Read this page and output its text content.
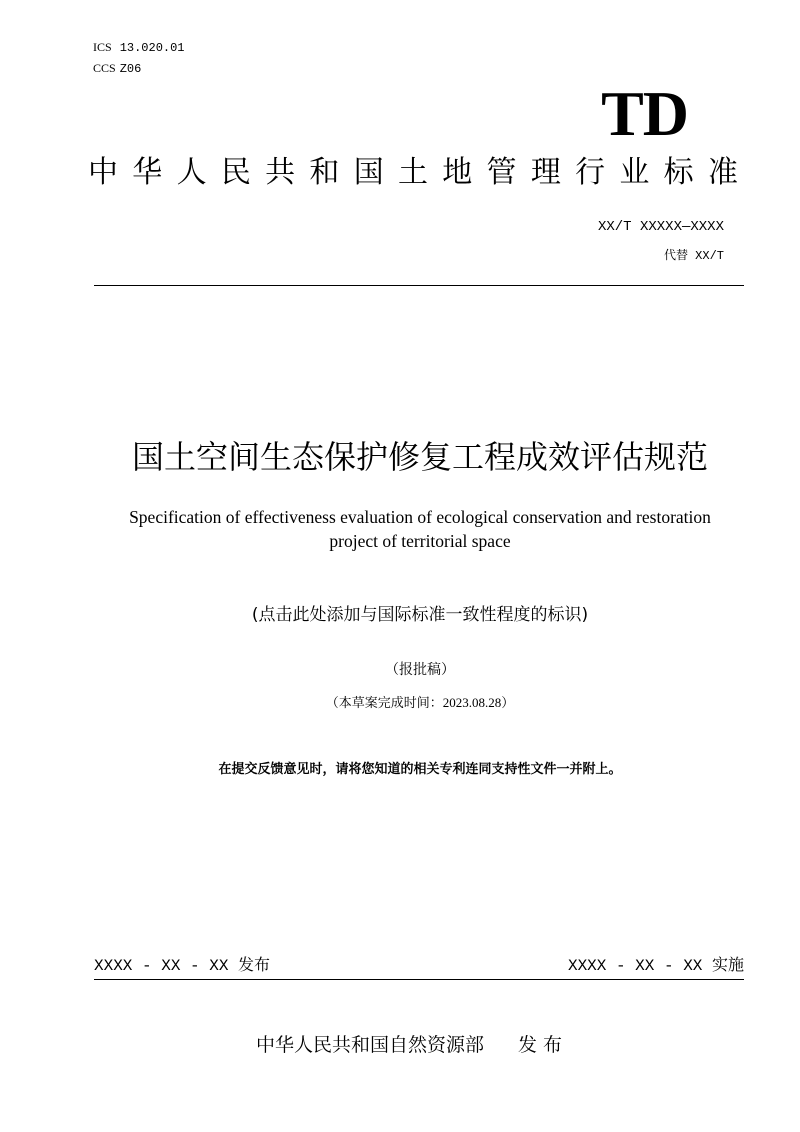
ICS 13.020.01
CCS Z06
TD
中 华 人 民 共 和 国 土 地 管 理 行 业 标 准
XX/T XXXXX—XXXX
代替 XX/T
国土空间生态保护修复工程成效评估规范
Specification of effectiveness evaluation of ecological conservation and restoration
project of territorial space
(点击此处添加与国际标准一致性程度的标识)
（报批稿）
（本草案完成时间：2023.08.28）
在提交反馈意见时，请将您知道的相关专利连同支持性文件一并附上。
XXXX - XX - XX 发布	XXXX - XX - XX 实施
中华人民共和国自然资源部 发 布
